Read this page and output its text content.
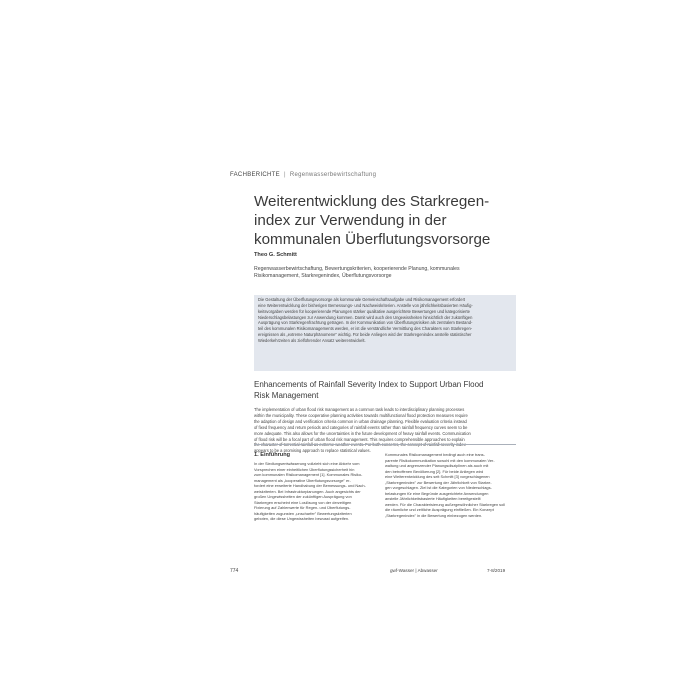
FACHBERICHTE | Regenwasserbewirtschaftung
Weiterentwicklung des Starkregen-
index zur Verwendung in der
kommunalen Überflutungsvorsorge
Theo G. Schmitt
Regenwasserbewirtschaftung, Bewertungskriterien, kooperierende Planung, kommunales Risikomanagement, Starkregenindex, Überflutungsvorsorge
Die Gestaltung der Überflutungsvorsorge als kommunale Gemeinschaftsaufgabe und Risikomanagement erfordert
eine Weiterentwicklung der bisherigen Bemessungs- und Nachweiskriterien. Anstelle von jährlichkeitsbasierten Häufig-
keitsvorgaben werden für kooperierende Planungen stärker qualitative ausgerichtete Bewertungen und kategorisierte
Niederschlagsbelastungen zur Anwendung kommen. Damit wird auch den Ungewissheiten hinsichtlich der zukünftigen
Ausprägung von Starkregenfrachtung getragen. In der Kommunikation von Überflutungsrisiken als zentralem Bestand-
teil des kommunalen Risikomanagements werden, er ist die verständliche Vermittlung des Charakters von Starkregen-
ereignissen als „extreme Naturphänomene" wichtig. Für beide Anliegen wird der Starkregenindex anstelle statistischer
Wiederkehrzeiten als zielführender Ansatz weiterentwickelt.
Enhancements of Rainfall Severity Index to Support Urban Flood
Risk Management
The implementation of urban flood risk management as a common task leads to interdisciplinary planning processes
within the municipality. These cooperative planning activities towards multifunctional flood protection measures require
the adaption of design and verification criteria common in urban drainage planning. Flexible evaluation criteria instead
of fixed frequency and return periods and categories of rainfall events rather than rainfall frequency curves seem to be
more adequate. This also allows for the uncertainties in the future development of heavy rainfall events. Communication
of flood risk will be a focal part of urban flood risk management. This requires comprehensible approaches to explain
appears to be a promising approach to replace statistical values.
1. Einführung
In der Siedlungsentwässerung vollzieht sich eine Abkehr vom
Vorsprechen einer einheitlichen Überflutungssicherheit hin
zum kommunalen Risikomanagement [1]. Kommunales Risiko-
management als „kooperative Überflutungsvorsorge" er-
fordert eine erweiterte Handhabung der Bemessungs- und Nach-
weiskriterien. Bei Infrastrukturplanungen. Auch angesichts der
großen Ungewissheiten der zukünftigen Ausprägung von
Starkregen erscheint eine Loslösung von der derzeitigen
Fixierung auf Zahlenwerte für Regen- und Überflutungs-
häufigkeiten zugunsten „unscharfer" Bewertungskriterien
geboten, die diese Ungewissheiten bewusst aufgreifen.
Kommunales Risikomanagement bedingt auch eine trans-
parente Risikokommunikation sowohl mit den kommunalen Ver-
waltung und angrenzender Planungsdisziplinen als auch mit
den betroffenen Bevölkerung [2]. Für beide Anliegen wird
eine Weiterentwicklung des seit Schmitt [3] vorgeschlagenen
„Starkregenindex" zur Bewertung der Jährlichkeit von Starkre-
gen vorgeschlagen. Ziel ist die Kategorien von Niederschlags-
belastungen für eine Begründe ausgerichtete Anwendungen
anstelle Jährlichkeitsbasierte Häufigkeiten bereitgestellt
werden. Für die Charakterisierung außergewöhnlicher Starkregen soll
die räumliche und zeitliche Ausprägung einfließen. Ein Konzept
„Starkregenindex" in die Bewertung einbezogen werden.
774	gwf-Wasser | Abwasser	7-8/2019
